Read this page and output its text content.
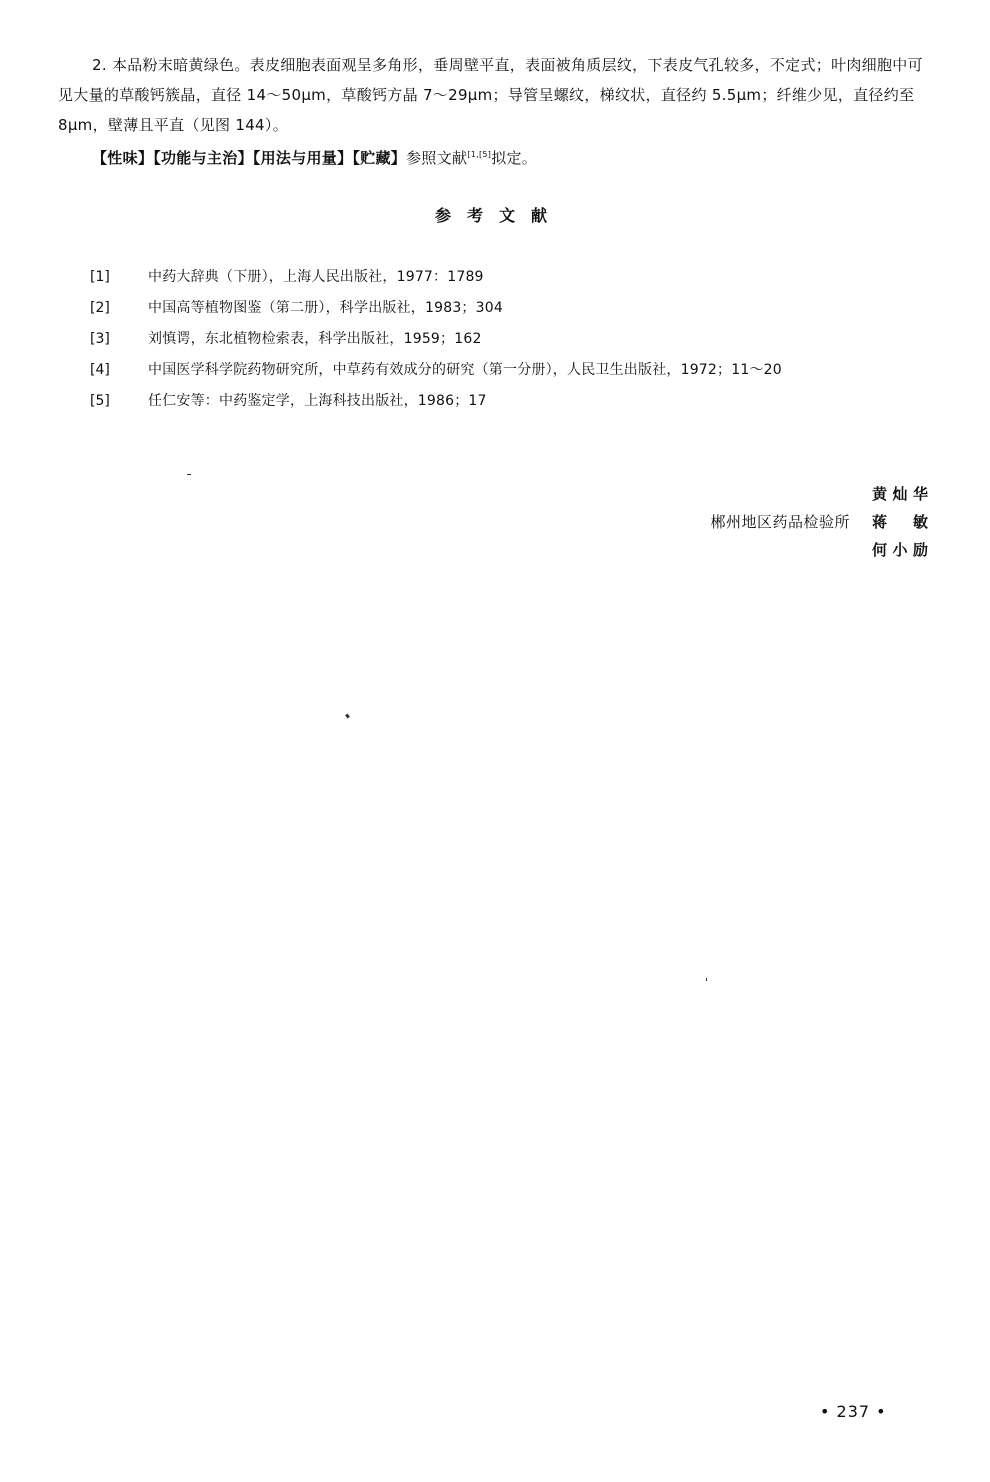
2. 本品粉末暗黄绿色。表皮细胞表面观呈多角形，垂周壁平直，表面被角质层纹，下表皮气孔较多，不定式；叶肉细胞中可见大量的草酸钙簇晶，直径 14～50μm，草酸钙方晶 7～29μm；导管呈螺纹，梯纹状，直径约 5.5μm；纤维少见，直径约至 8μm，壁薄且平直（见图 144）。
【性味】【功能与主治】【用法与用量】【贮藏】参照文献[1,[5]拟定。
参考文献
[1]	中药大辞典（下册），上海人民出版社，1977：1789
[2]	中国高等植物图鉴（第二册），科学出版社，1983；304
[3]	刘慎谔，东北植物检索表，科学出版社，1959；162
[4]	中国医学科学院药物研究所，中草药有效成分的研究（第一分册），人民卫生出版社，1972；11～20
[5]	任仁安等：中药鉴定学，上海科技出版社，1986；17
黄灿华
郴州地区药品检验所 蒋 敏
何小励
• 237 •
